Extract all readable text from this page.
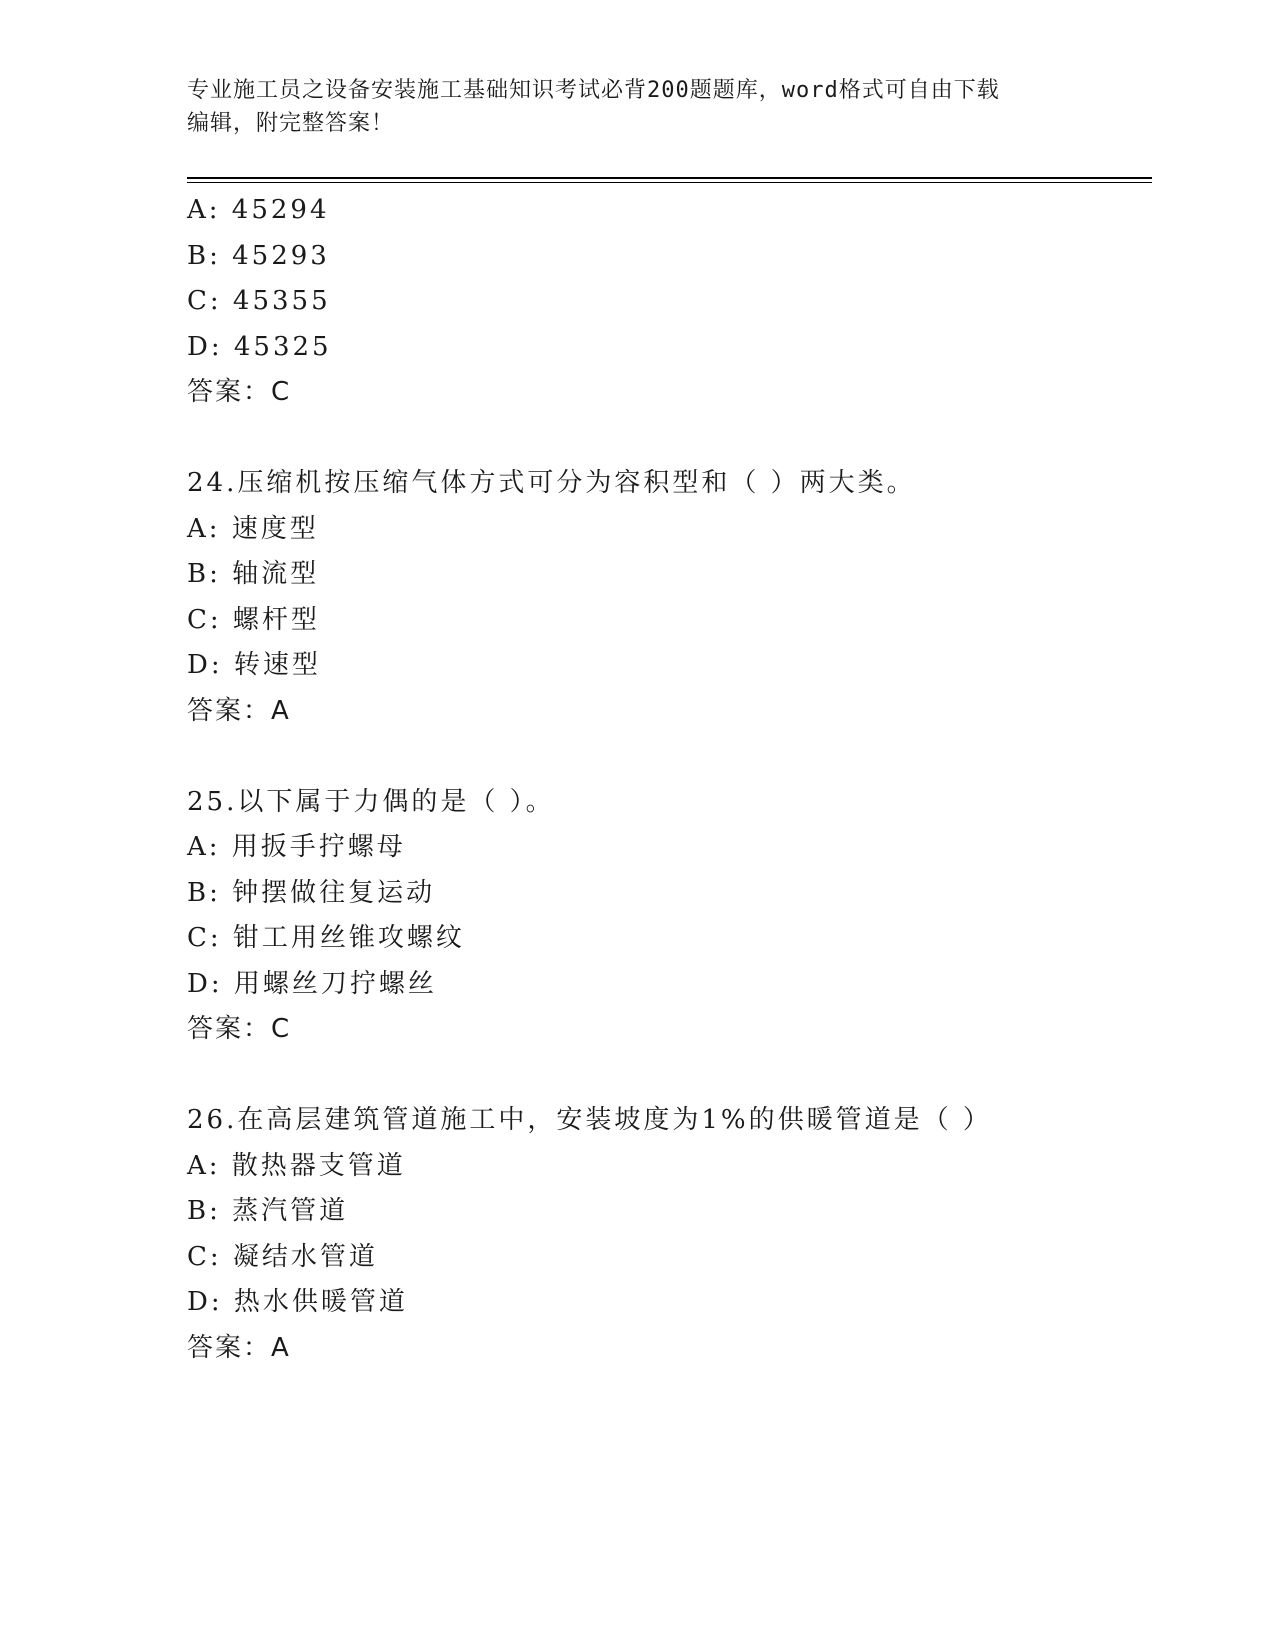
专业施工员之设备安装施工基础知识考试必背200题题库，word格式可自由下载
编辑，附完整答案！
A: 45294
B: 45293
C: 45355
D: 45325
答案：C
24.压缩机按压缩气体方式可分为容积型和（ ）两大类。
A: 速度型
B: 轴流型
C: 螺杆型
D: 转速型
答案：A
25.以下属于力偶的是（ ）。
A: 用扳手拧螺母
B: 钟摆做往复运动
C: 钳工用丝锥攻螺纹
D: 用螺丝刀拧螺丝
答案：C
26.在高层建筑管道施工中，安装坡度为1%的供暖管道是（ ）
A: 散热器支管道
B: 蒸汽管道
C: 凝结水管道
D: 热水供暖管道
答案：A
